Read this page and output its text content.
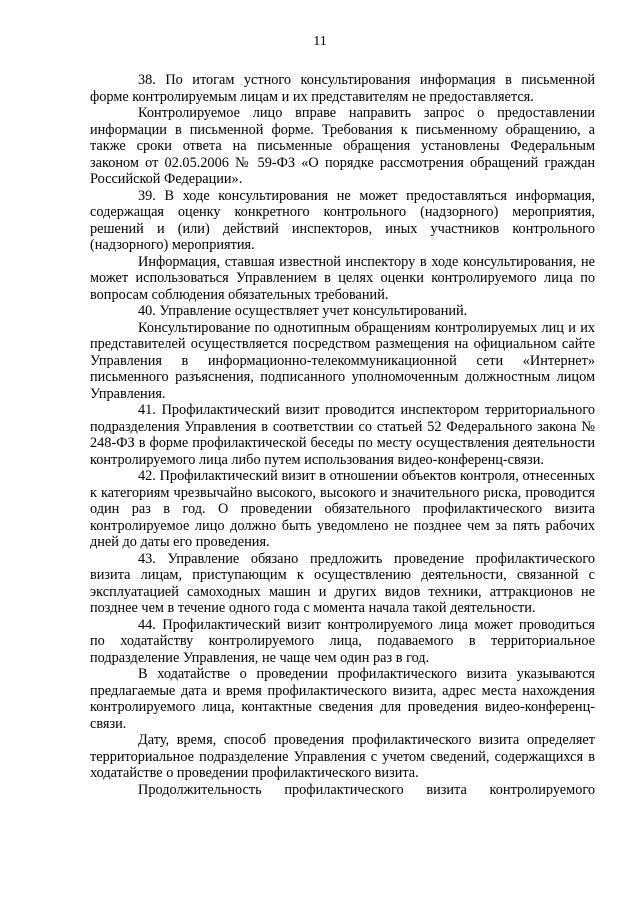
11

38. По итогам устного консультирования информация в письменной форме контролируемым лицам и их представителям не предоставляется.

Контролируемое лицо вправе направить запрос о предоставлении информации в письменной форме. Требования к письменному обращению, а также сроки ответа на письменные обращения установлены Федеральным законом от 02.05.2006 № 59-ФЗ «О порядке рассмотрения обращений граждан Российской Федерации».

39. В ходе консультирования не может предоставляться информация, содержащая оценку конкретного контрольного (надзорного) мероприятия, решений и (или) действий инспекторов, иных участников контрольного (надзорного) мероприятия.

Информация, ставшая известной инспектору в ходе консультирования, не может использоваться Управлением в целях оценки контролируемого лица по вопросам соблюдения обязательных требований.

40. Управление осуществляет учет консультирований.

Консультирование по однотипным обращениям контролируемых лиц и их представителей осуществляется посредством размещения на официальном сайте Управления в информационно-телекоммуникационной сети «Интернет» письменного разъяснения, подписанного уполномоченным должностным лицом Управления.

41. Профилактический визит проводится инспектором территориального подразделения Управления в соответствии со статьей 52 Федерального закона № 248-ФЗ в форме профилактической беседы по месту осуществления деятельности контролируемого лица либо путем использования видео-конференц-связи.

42. Профилактический визит в отношении объектов контроля, отнесенных к категориям чрезвычайно высокого, высокого и значительного риска, проводится один раз в год. О проведении обязательного профилактического визита контролируемое лицо должно быть уведомлено не позднее чем за пять рабочих дней до даты его проведения.

43. Управление обязано предложить проведение профилактического визита лицам, приступающим к осуществлению деятельности, связанной с эксплуатацией самоходных машин и других видов техники, аттракционов не позднее чем в течение одного года с момента начала такой деятельности.

44. Профилактический визит контролируемого лица может проводиться по ходатайству контролируемого лица, подаваемого в территориальное подразделение Управления, не чаще чем один раз в год.

В ходатайстве о проведении профилактического визита указываются предлагаемые дата и время профилактического визита, адрес места нахождения контролируемого лица, контактные сведения для проведения видео-конференц-связи.

Дату, время, способ проведения профилактического визита определяет территориальное подразделение Управления с учетом сведений, содержащихся в ходатайстве о проведении профилактического визита.

Продолжительность профилактического визита контролируемого
